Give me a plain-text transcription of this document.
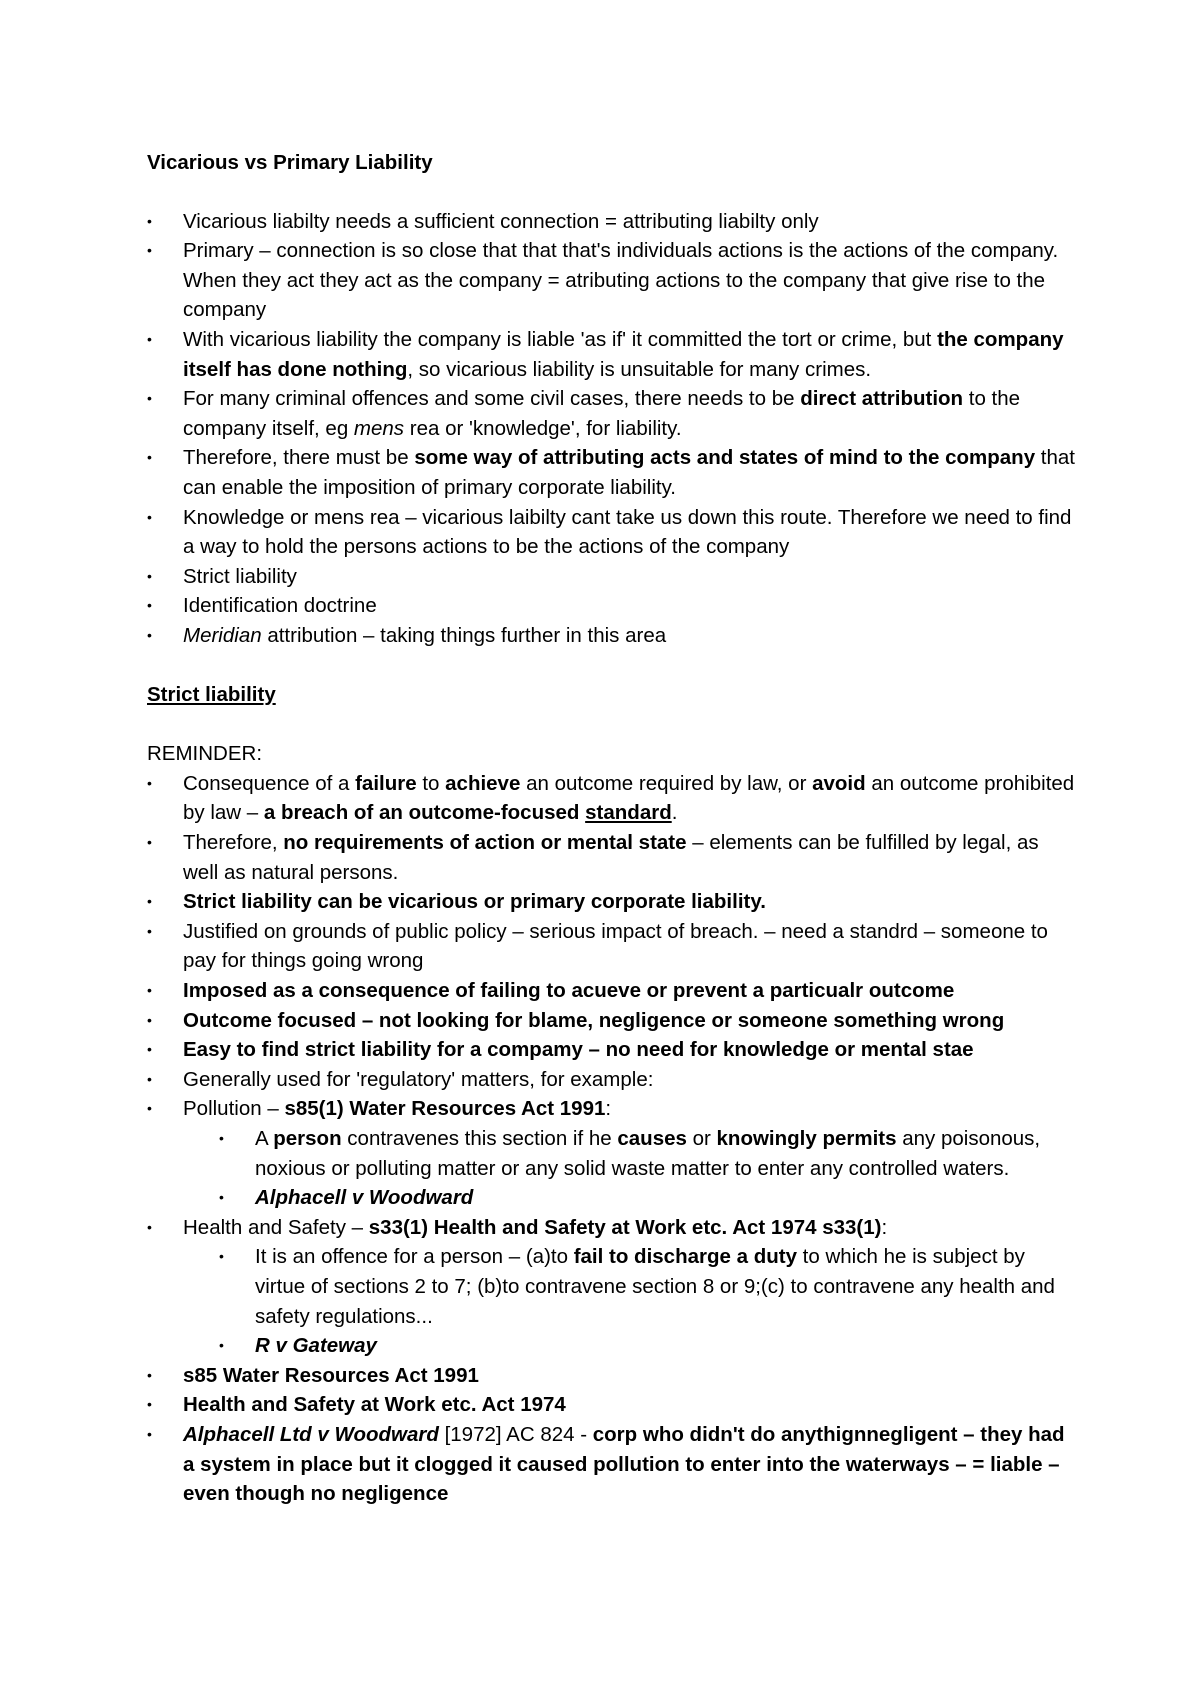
Vicarious vs Primary Liability

• Vicarious liabilty needs a sufficient connection = attributing liabilty only
• Primary – connection is so close that that that's individuals actions is the actions of the company. When they act they act as the company = atributing actions to the company that give rise to the company
• With vicarious liability the company is liable 'as if' it committed the tort or crime, but the company itself has done nothing, so vicarious liability is unsuitable for many crimes.
• For many criminal offences and some civil cases, there needs to be direct attribution to the company itself, eg mens rea or 'knowledge', for liability.
• Therefore, there must be some way of attributing acts and states of mind to the company that can enable the imposition of primary corporate liability.
• Knowledge or mens rea – vicarious laibilty cant take us down this route. Therefore we need to find a way to hold the persons actions to be the actions of the company
• Strict liability
• Identification doctrine
• Meridian attribution – taking things further in this area

Strict liability

REMINDER:

• Consequence of a failure to achieve an outcome required by law, or avoid an outcome prohibited by law – a breach of an outcome-focused standard.
• Therefore, no requirements of action or mental state – elements can be fulfilled by legal, as well as natural persons.
• Strict liability can be vicarious or primary corporate liability.
• Justified on grounds of public policy – serious impact of breach. – need a standrd – someone to pay for things going wrong
• Imposed as a consequence of failing to acueve or prevent a particualr outcome
• Outcome focused – not looking for blame, negligence or someone something wrong
• Easy to find strict liability for a compamy – no need for knowledge or mental stae
• Generally used for 'regulatory' matters, for example:
• Pollution – s85(1) Water Resources Act 1991:
• A person contravenes this section if he causes or knowingly permits any poisonous, noxious or polluting matter or any solid waste matter to enter any controlled waters.
• Alphacell v Woodward
• Health and Safety – s33(1) Health and Safety at Work etc. Act 1974 s33(1):
• It is an offence for a person – (a)to fail to discharge a duty to which he is subject by virtue of sections 2 to 7; (b)to contravene section 8 or 9;(c) to contravene any health and safety regulations...
• R v Gateway
• s85 Water Resources Act 1991
• Health and Safety at Work etc. Act 1974
• Alphacell Ltd v Woodward [1972] AC 824 - corp who didn't do anythignnegligent – they had a system in place but it clogged it caused pollution to enter into the waterways – = liable – even though no negligence
